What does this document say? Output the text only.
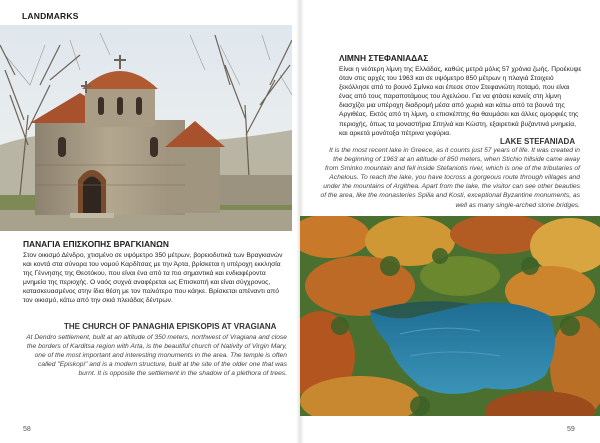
LANDMARKS
ΠΑΝΑΓΙΑ ΕΠΙΣΚΟΠΗΣ ΒΡΑΓΚΙΑΝΩΝ

Στον οικισμό Δένδρο, χτισμένο σε υψόμετρο 350 μέτρων, βορειοδυτικά των Βραγκιανών και κοντά στα σύνορα του νομού Καρδίτσας με την Άρτα, βρίσκεται η υπέροχη εκκλησία της Γέννησης της Θεοτόκου, που είναι ένα από τα πιο σημαντικά και ενδιαφέροντα μνημεία της περιοχής. Ο ναός συχνά αναφέρεται ως Επισκοπή και είναι σύγχρονος, κατασκευασμένος στην ίδια θέση με τον παλιότερο που κάηκε. Βρίσκεται απέναντι από τον οικισμό, κάτω από την σκιά πλειάδας δέντρων.

THE CHURCH OF PANAGHIA EPISKOPIS AT VRAGIANA

At Dendro settlement, built at an altitude of 350 meters, northwest of Vragiana and close the borders of Karditsa region with Arta, is the beautiful church of Nativity of Virgin Mary, one of the most important and interesting monuments in the area. The temple is often called "Episkopi" and is a modern structure, built at the site of the older one that was burnt. It is opposite the settlement in the shadow of a plethora of trees.

58
ΛΙΜΝΗ ΣΤΕΦΑΝΙΑΔΑΣ

Είναι η νεότερη λίμνη της Ελλάδας, καθώς μετρά μόλις 57 χρόνια ζωής. Προέκυψε όταν στις αρχές του 1963 και σε υψόμετρο 850 μέτρων η πλαγιά Στοιχειό ξεκόλλησε από το βουνό Σμίνκο και έπεσε στον Στεφανιώτη ποταμό, που είναι ένας από τους παραποτάμους του Αχελώου. Για να φτάσει κανείς στη λίμνη διασχίζει μια υπέροχη διαδρομή μέσα από χωριά και κάτω από τα βουνά της Αργιθέας. Εκτός από τη λίμνη, ο επισκέπτης θα θαυμάσει και άλλες ομορφιές της περιοχής, όπως τα μοναστήρια Σπηλιά και Κώστη, εξαιρετικά βυζαντινά μνημεία, και αρκετά μονότοξα πέτρινα γεφύρια.

LAKE STEFANIADA

It is the most recent lake in Greece, as it counts just 57 years of life. It was created in the beginning of 1963 at an altitude of 850 meters, when Stichio hillside came away from Sminko mountain and fell inside Stefaniotis river, which is one of the tributaries of Achelous. To reach the lake, you have tocross a gorgeous route through villages and under the mountains of Argithea. Apart from the lake, the visitor can see other beauties of the area, like the monasteries Spilia and Kosti, exceptional Byzantine monuments, as well as many single-arched stone bridges.

59
